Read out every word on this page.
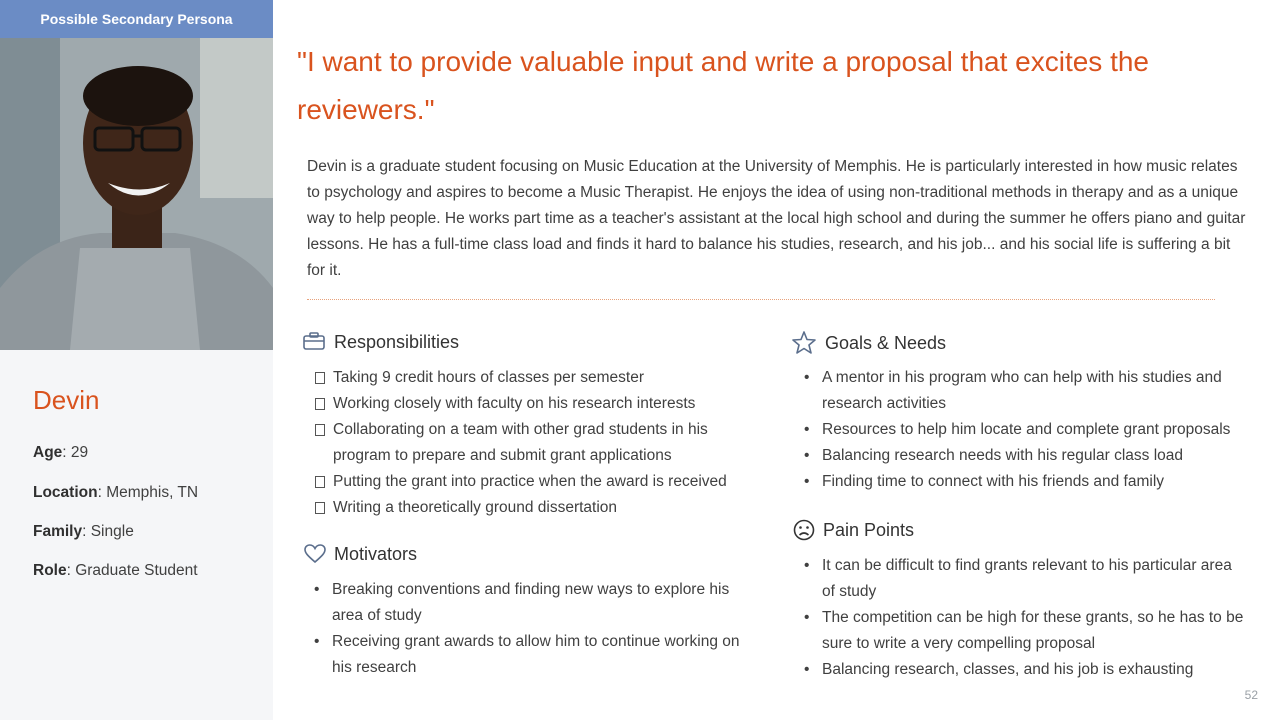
Possible Secondary Persona
Devin
Age: 29
Location: Memphis, TN
Family: Single
Role: Graduate Student
"I want to provide valuable input and write a proposal that excites the reviewers."
Devin is a graduate student focusing on Music Education at the University of Memphis. He is particularly interested in how music relates to psychology and aspires to become a Music Therapist. He enjoys the idea of using non-traditional methods in therapy and as a unique way to help people. He works part time as a teacher's assistant at the local high school and during the summer he offers piano and guitar lessons. He has a full-time class load and finds it hard to balance his studies, research, and his job... and his social life is suffering a bit for it.
Responsibilities
Taking 9 credit hours of classes per semester
Working closely with faculty on his research interests
Collaborating on a team with other grad students in his program to prepare and submit grant applications
Putting the grant into practice when the award is received
Writing a theoretically ground dissertation
Motivators
• Breaking conventions and finding new ways to explore his area of study
• Receiving grant awards to allow him to continue working on his research
Goals & Needs
• A mentor in his program who can help with his studies and research activities
• Resources to help him locate and complete grant proposals
• Balancing research needs with his regular class load
• Finding time to connect with his friends and family
Pain Points
• It can be difficult to find grants relevant to his particular area of study
• The competition can be high for these grants, so he has to be sure to write a very compelling proposal
• Balancing research, classes, and his job is exhausting
52
